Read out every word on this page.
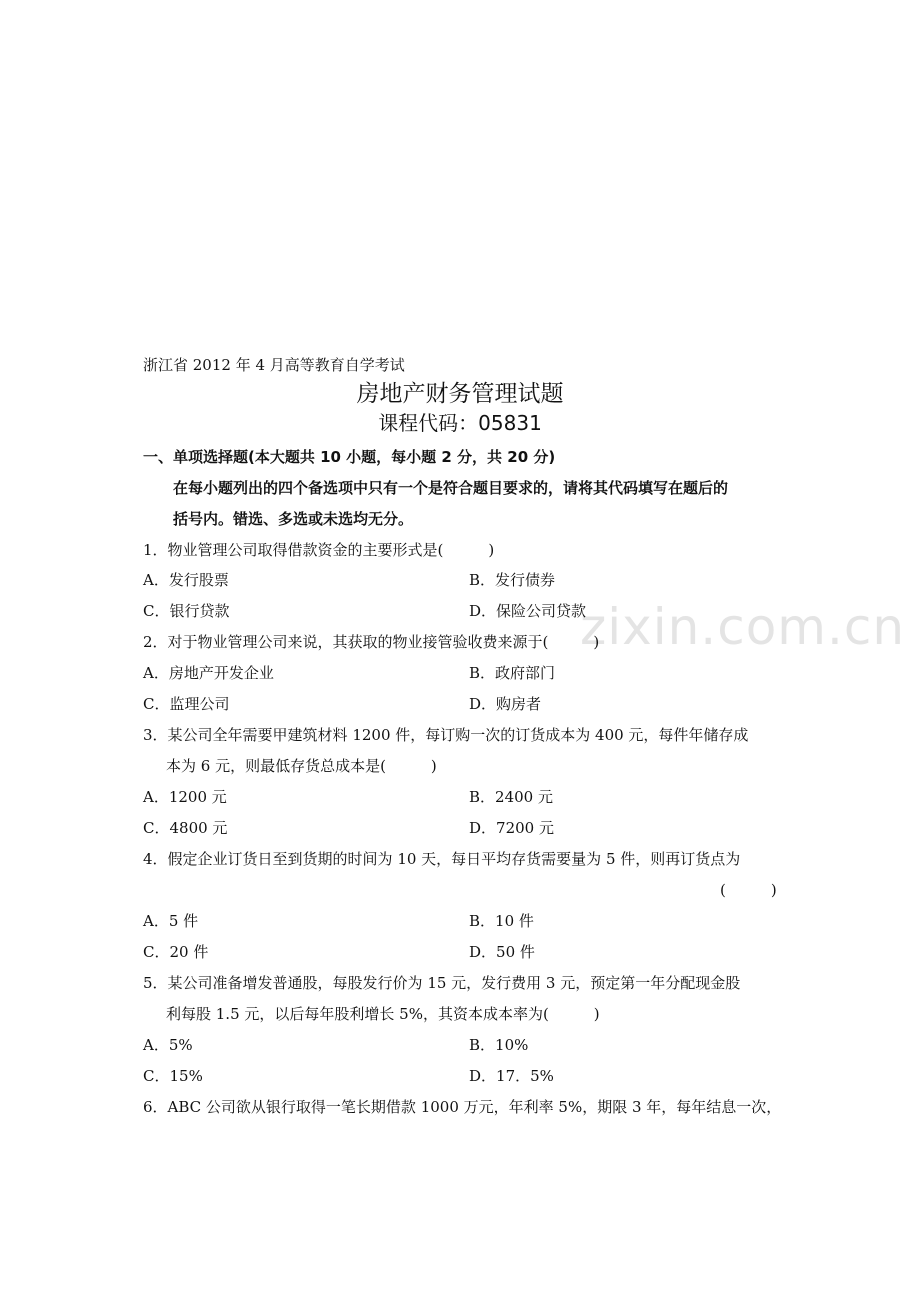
zixin.com.cn
浙江省 2012 年 4 月高等教育自学考试
房地产财务管理试题
课程代码：05831
一、单项选择题(本大题共 10 小题，每小题 2 分，共 20 分)
在每小题列出的四个备选项中只有一个是符合题目要求的，请将其代码填写在题后的
括号内。错选、多选或未选均无分。
1．物业管理公司取得借款资金的主要形式是(　　　)
A．发行股票	B．发行债券
C．银行贷款	D．保险公司贷款
2．对于物业管理公司来说，其获取的物业接管验收费来源于(　　　)
A．房地产开发企业	B．政府部门
C．监理公司	D．购房者
3．某公司全年需要甲建筑材料 1200 件，每订购一次的订货成本为 400 元，每件年储存成
本为 6 元，则最低存货总成本是(　　　)
A．1200 元	B．2400 元
C．4800 元	D．7200 元
4．假定企业订货日至到货期的时间为 10 天，每日平均存货需要量为 5 件，则再订货点为
(　　　)
A．5 件	B．10 件
C．20 件	D．50 件
5．某公司准备增发普通股，每股发行价为 15 元，发行费用 3 元，预定第一年分配现金股
利每股 1.5 元，以后每年股利增长 5%，其资本成本率为(　　　)
A．5%	B．10%
C．15%	D．17．5%
6．ABC 公司欲从银行取得一笔长期借款 1000 万元，年利率 5%，期限 3 年，每年结息一次，
